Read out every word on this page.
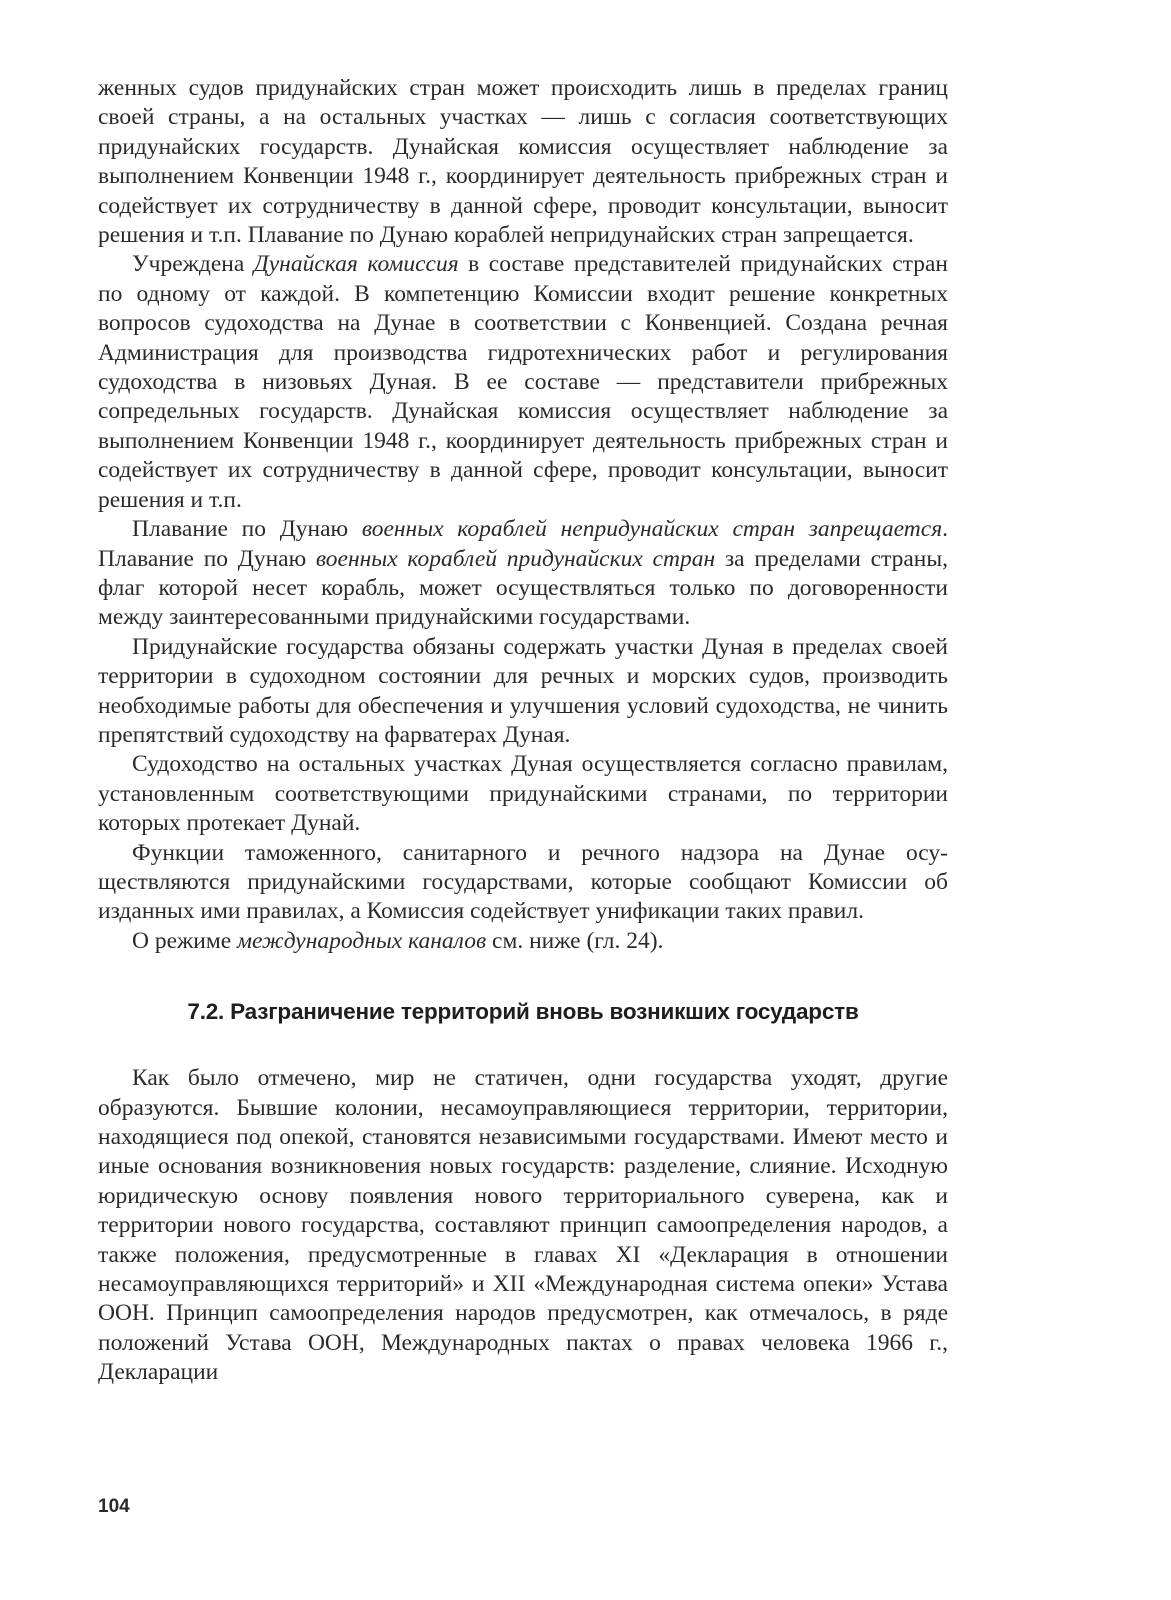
женных судов придунайских стран может происходить лишь в пределах границ своей страны, а на остальных участках — лишь с согласия соответствующих придунайских государств. Дунайская комиссия осуществляет наблюдение за выполнением Конвенции 1948 г., координирует деятельность прибрежных стран и содействует их сотрудничеству в данной сфере, проводит консультации, выносит решения и т.п. Плавание по Дунаю кораблей непридунайских стран запрещается.

Учреждена Дунайская комиссия в составе представителей придунайских стран по одному от каждой. В компетенцию Комиссии входит решение конкретных вопросов судоходства на Дунае в соответствии с Конвенцией. Создана речная Администрация для производства гидротехнических работ и регулирования судоходства в низовьях Дуная. В ее составе — представители прибрежных сопредельных государств. Дунайская комиссия осуществляет наблюдение за выполнением Конвенции 1948 г., координирует деятельность прибрежных стран и содействует их сотрудничеству в данной сфере, проводит консультации, выносит решения и т.п.

Плавание по Дунаю военных кораблей непридунайских стран запрещается. Плавание по Дунаю военных кораблей придунайских стран за пределами страны, флаг которой несет корабль, может осуществляться только по договоренности между заинтересованными придунайскими государствами.

Придунайские государства обязаны содержать участки Дуная в пределах своей территории в судоходном состоянии для речных и морских судов, производить необходимые работы для обеспечения и улучшения условий судоходства, не чинить препятствий судоходству на фарватерах Дуная.

Судоходство на остальных участках Дуная осуществляется согласно правилам, установленным соответствующими придунайскими странами, по территории которых протекает Дунай.

Функции таможенного, санитарного и речного надзора на Дунае осуществляются придунайскими государствами, которые сообщают Комиссии об изданных ими правилах, а Комиссия содействует унификации таких правил.

О режиме международных каналов см. ниже (гл. 24).

7.2. Разграничение территорий вновь возникших государств

Как было отмечено, мир не статичен, одни государства уходят, другие образуются. Бывшие колонии, несамоуправляющиеся территории, территории, находящиеся под опекой, становятся независимыми государствами. Имеют место и иные основания возникновения новых государств: разделение, слияние. Исходную юридическую основу появления нового территориального суверена, как и территории нового государства, составляют принцип самоопределения народов, а также положения, предусмотренные в главах XI «Декларация в отношении несамоуправляющихся территорий» и XII «Международная система опеки» Устава ООН. Принцип самоопределения народов предусмотрен, как отмечалось, в ряде положений Устава ООН, Международных пактах о правах человека 1966 г., Декларации

104
